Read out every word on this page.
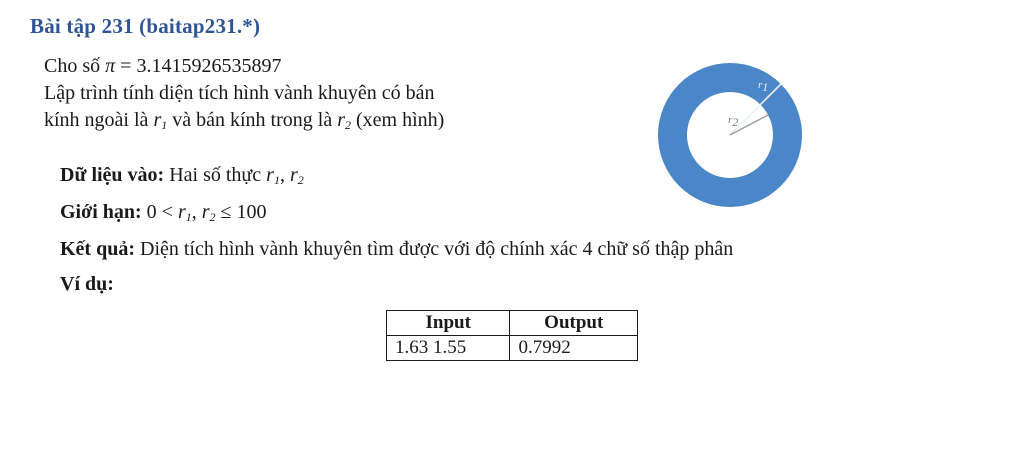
Bài tập 231 (baitap231.*)

Cho số π = 3.1415926535897

Lập trình tính diện tích hình vành khuyên có bán

kính ngoài là $r_1$ và bán kính trong là $r_2$ (xem hình)

$r_1$
$r_2$

Dữ liệu vào: Hai số thực $r_1$, $r_2$

Giới hạn: $0 < r_1$, $r_2 \le 100$

Kết quả: Diện tích hình vành khuyên tìm được với độ chính xác 4 chữ số thập phân

Ví dụ:

Input	Output
1.63 1.55	0.7992
